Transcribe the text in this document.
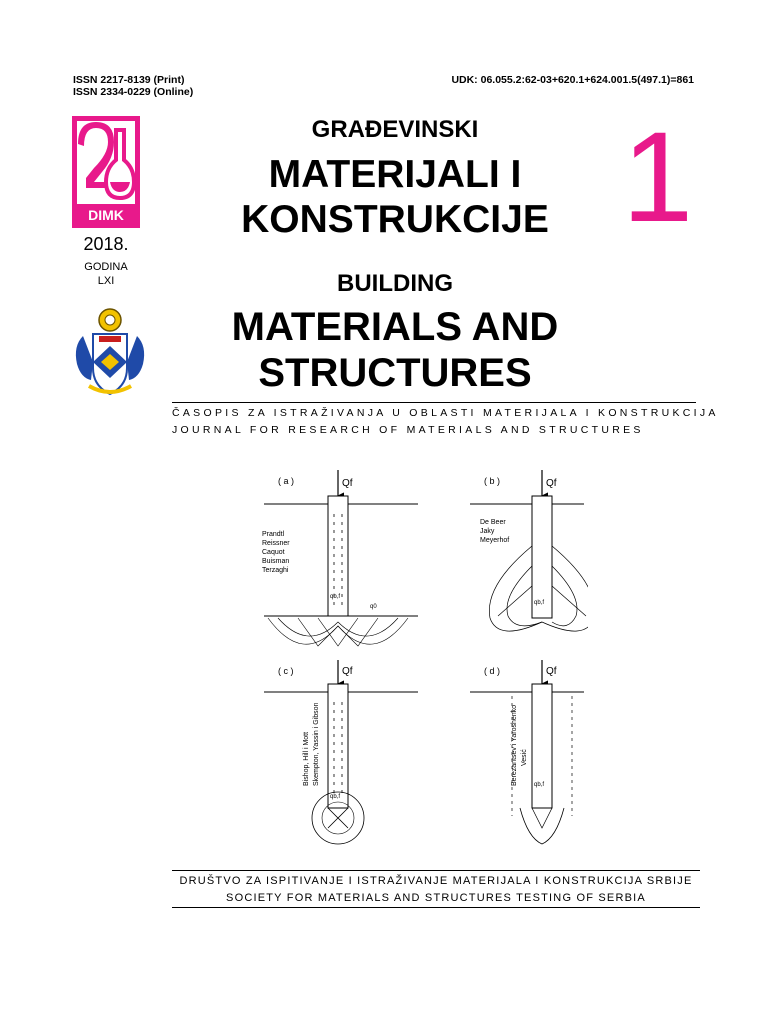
ISSN 2217-8139 (Print)
ISSN 2334-0229 (Online)
UDK: 06.055.2:62-03+620.1+624.001.5(497.1)=861
DIMK
2018.
GODINA
LXI
GRAĐEVINSKI
MATERIJALI I
KONSTRUKCIJE 1
BUILDING
MATERIALS AND
STRUCTURES
ČASOPIS ZA ISTRAŽIVANJA U OBLASTI MATERIJALA I KONSTRUKCIJA
JOURNAL FOR RESEARCH OF MATERIALS AND STRUCTURES
( a )	Qf
Prandtl
Reissner
Caquot
Buisman
Terzaghi
qb,f
q0
( b )	Qf
De Beer
Jaky
Meyerhof
qb,f
( c )	Qf
Bishop, Hill i Mott Skempton, Yassin i Gibson
qb,f
( d )	Qf
Berezantsev i Yaroshenko Vesić
qb,f
DRUŠTVO ZA ISPITIVANJE I ISTRAŽIVANJE MATERIJALA I KONSTRUKCIJA SRBIJE
SOCIETY FOR MATERIALS AND STRUCTURES TESTING OF SERBIA
